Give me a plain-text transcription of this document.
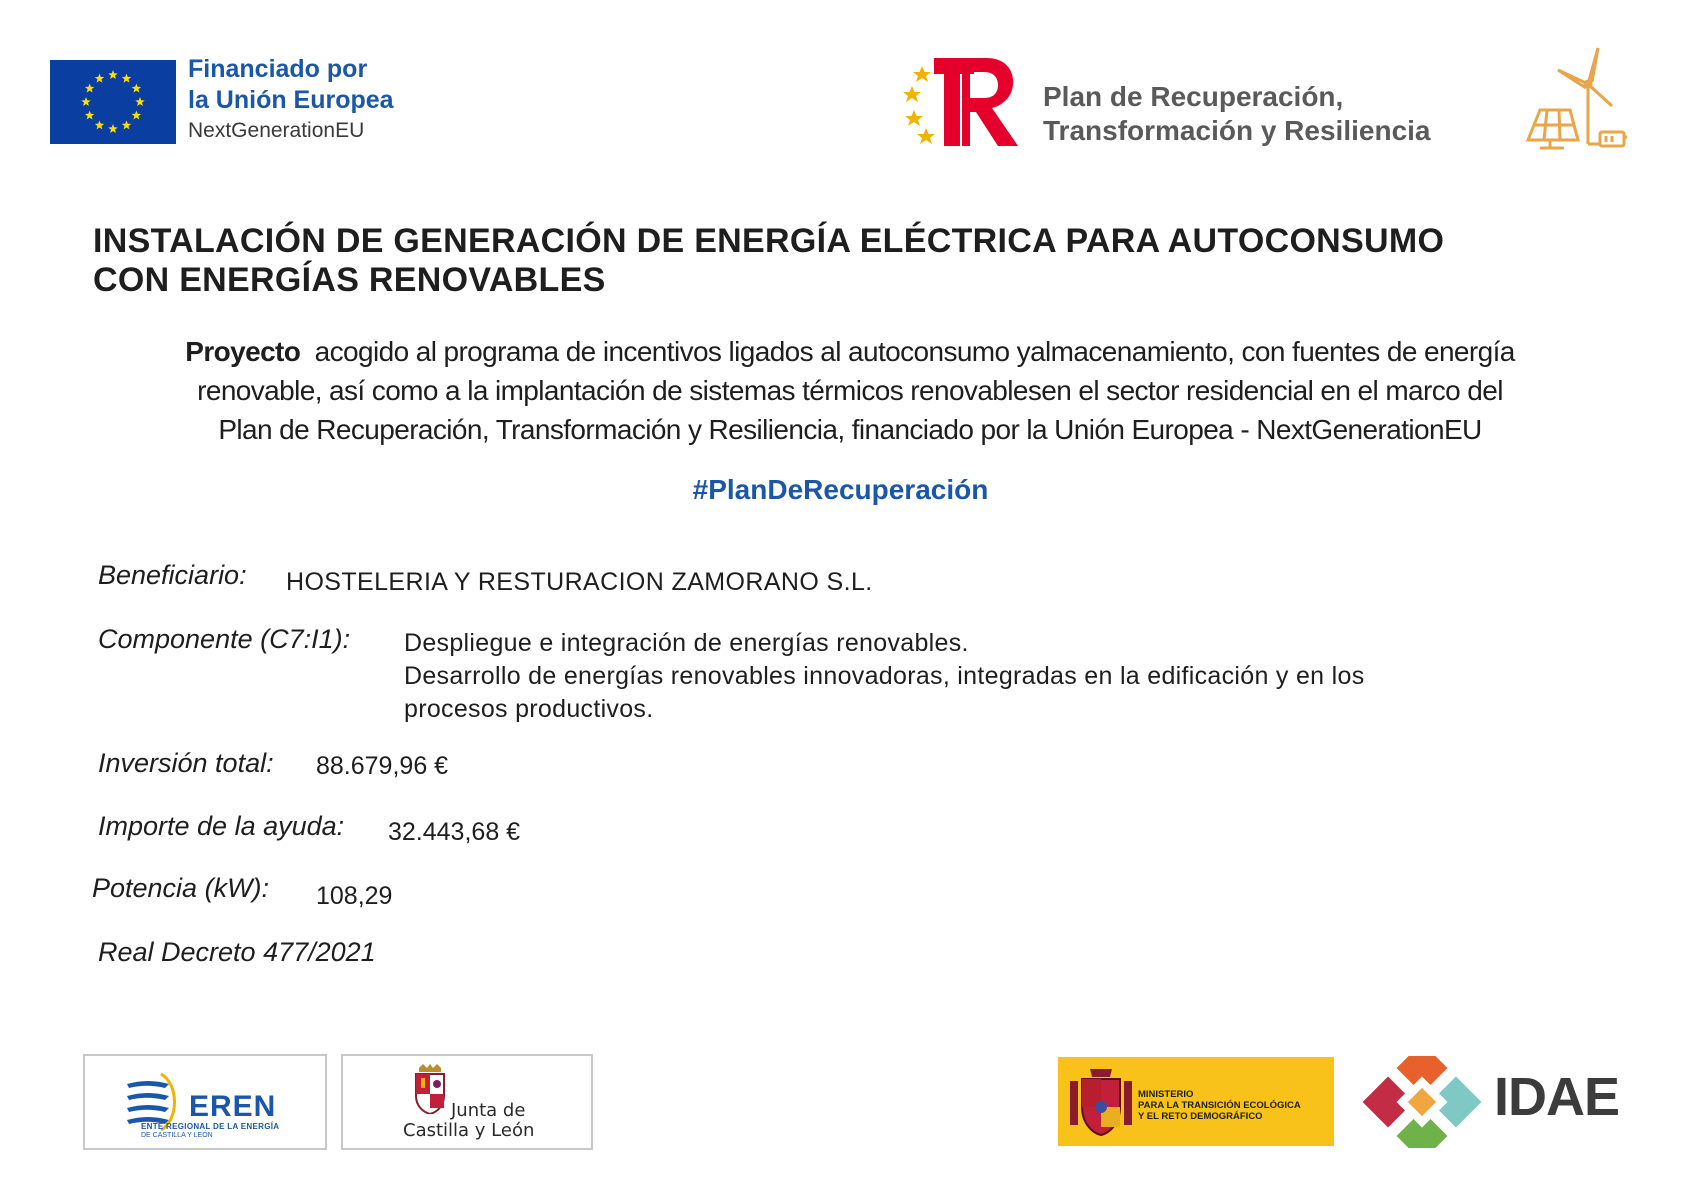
Financiado por
la Unión Europea
NextGenerationEU
Plan de Recuperación,
Transformación y Resiliencia
INSTALACIÓN DE GENERACIÓN DE ENERGÍA ELÉCTRICA PARA AUTOCONSUMO
CON ENERGÍAS RENOVABLES
Proyecto  acogido al programa de incentivos ligados al autoconsumo yalmacenamiento, con fuentes de energía
renovable, así como a la implantación de sistemas térmicos renovablesen el sector residencial en el marco del
Plan de Recuperación, Transformación y Resiliencia, financiado por la Unión Europea - NextGenerationEU
#PlanDeRecuperación
Beneficiario: HOSTELERIA Y RESTURACION ZAMORANO S.L.
Componente (C7:I1): Despliegue e integración de energías renovables.
Desarrollo de energías renovables innovadoras, integradas en la edificación y en los
procesos productivos.
Inversión total: 88.679,96 €
Importe de la ayuda: 32.443,68 €
Potencia (kW): 108,29
Real Decreto 477/2021
EREN
ENTE REGIONAL DE LA ENERGÍA
DE CASTILLA Y LEÓN
Junta de
Castilla y León
MINISTERIO
PARA LA TRANSICIÓN ECOLÓGICA
Y EL RETO DEMOGRÁFICO	IDAE
